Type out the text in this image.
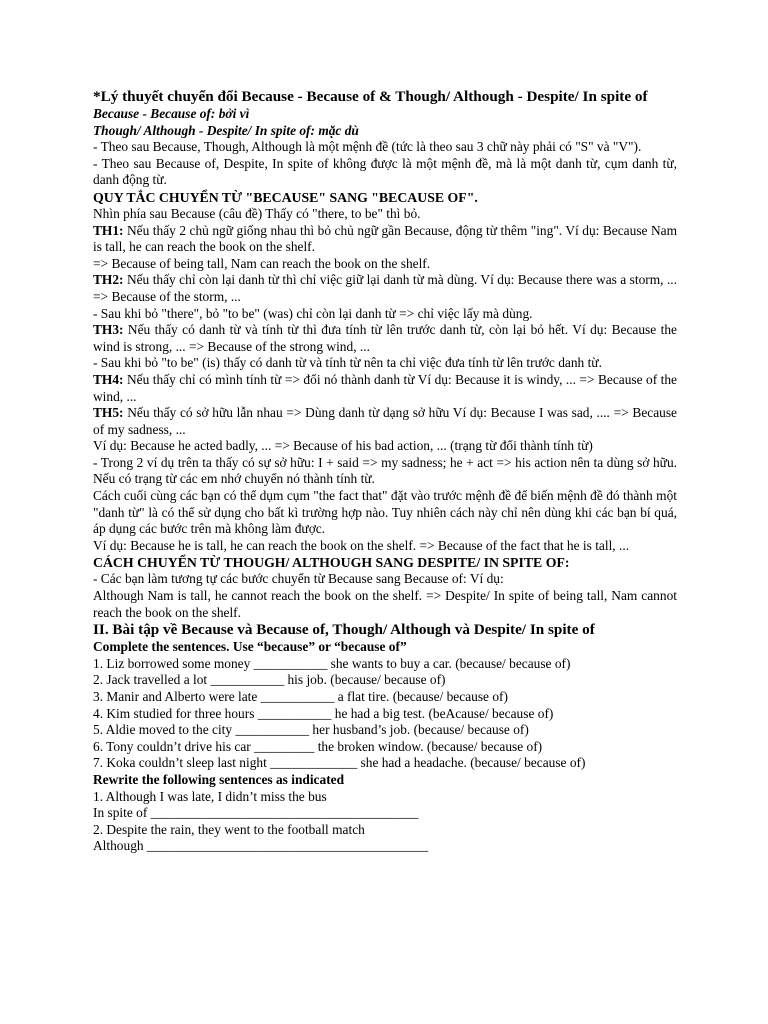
*Lý thuyết chuyển đổi Because - Because of & Though/ Although - Despite/ In spite of

Because - Because of: bởi vì

Though/ Although - Despite/ In spite of: mặc dù

- Theo sau Because, Though, Although là một mệnh đề (tức là theo sau 3 chữ này phải có "S" và "V").

- Theo sau Because of, Despite, In spite of không được là một mệnh đề, mà là một danh từ, cụm danh từ, danh động từ.

QUY TẮC CHUYỂN TỪ "BECAUSE" SANG "BECAUSE OF".

Nhìn phía sau Because (câu đề) Thấy có "there, to be" thì bỏ.

TH1: Nếu thấy 2 chủ ngữ giống nhau thì bỏ chủ ngữ gần Because, động từ thêm "ing". Ví dụ: Because Nam is tall, he can reach the book on the shelf.

=> Because of being tall, Nam can reach the book on the shelf.

TH2: Nếu thấy chỉ còn lại danh từ thì chỉ việc giữ lại danh từ mà dùng. Ví dụ: Because there was a storm, ... => Because of the storm, ...

- Sau khi bỏ "there", bỏ "to be" (was) chỉ còn lại danh từ => chỉ việc lấy mà dùng.

TH3: Nếu thấy có danh từ và tính từ thì đưa tính từ lên trước danh từ, còn lại bỏ hết. Ví dụ: Because the wind is strong, ... => Because of the strong wind, ...

- Sau khi bỏ "to be" (is) thấy có danh từ và tính từ nên ta chỉ việc đưa tính từ lên trước danh từ.

TH4: Nếu thấy chỉ có mình tính từ => đổi nó thành danh từ Ví dụ: Because it is windy, ... => Because of the wind, ...

TH5: Nếu thấy có sở hữu lẫn nhau => Dùng danh từ dạng sở hữu Ví dụ: Because I was sad, .... => Because of my sadness, ...

Ví dụ: Because he acted badly, ... => Because of his bad action, ... (trạng từ đổi thành tính từ)

- Trong 2 ví dụ trên ta thấy có sự sở hữu: I + said => my sadness; he + act => his action nên ta dùng sở hữu. Nếu có trạng từ các em nhớ chuyển nó thành tính từ.

Cách cuối cùng các bạn có thể dụm cụm "the fact that" đặt vào trước mệnh đề để biến mệnh đề đó thành một "danh từ" là có thể sử dụng cho bất kì trường hợp nào. Tuy nhiên cách này chỉ nên dùng khi các bạn bí quá, áp dụng các bước trên mà không làm được.

Ví dụ: Because he is tall, he can reach the book on the shelf. => Because of the fact that he is tall, ...

CÁCH CHUYỂN TỪ THOUGH/ ALTHOUGH SANG DESPITE/ IN SPITE OF:

- Các bạn làm tương tự các bước chuyển từ Because sang Because of: Ví dụ:

Although Nam is tall, he cannot reach the book on the shelf. => Despite/ In spite of being tall, Nam cannot reach the book on the shelf.

II. Bài tập về Because và Because of, Though/ Although và Despite/ In spite of

Complete the sentences. Use “because” or “because of”

1. Liz borrowed some money ___________ she wants to buy a car. (because/ because of)

2. Jack travelled a lot ___________ his job. (because/ because of)

3. Manir and Alberto were late ___________ a flat tire. (because/ because of)

4. Kim studied for three hours ___________ he had a big test. (beAcause/ because of)

5. Aldie moved to the city ___________ her husband’s job. (because/ because of)

6. Tony couldn’t drive his car _________ the broken window. (because/ because of)

7. Koka couldn’t sleep last night _____________ she had a headache. (because/ because of)

Rewrite the following sentences as indicated

1. Although I was late, I didn’t miss the bus

In spite of ________________________________________

2. Despite the rain, they went to the football match

Although __________________________________________
